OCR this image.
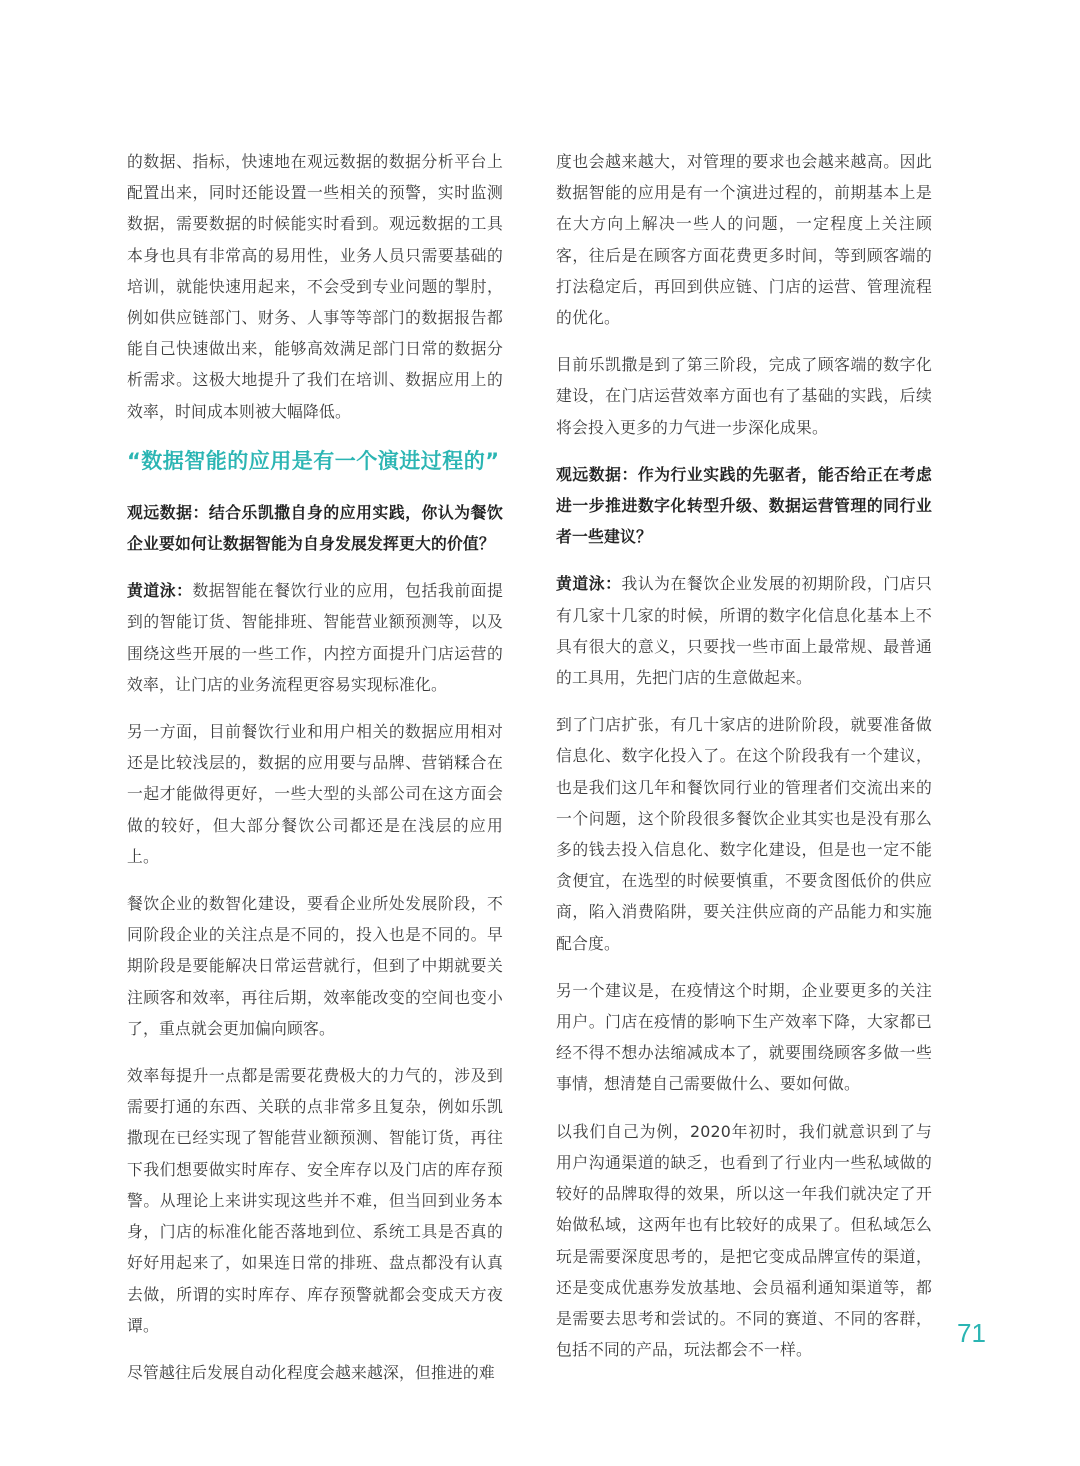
的数据、指标，快速地在观远数据的数据分析平台上配置出来，同时还能设置一些相关的预警，实时监测数据，需要数据的时候能实时看到。观远数据的工具本身也具有非常高的易用性，业务人员只需要基础的培训，就能快速用起来，不会受到专业问题的掣肘，例如供应链部门、财务、人事等等部门的数据报告都能自己快速做出来，能够高效满足部门日常的数据分析需求。这极大地提升了我们在培训、数据应用上的效率，时间成本则被大幅降低。

“数据智能的应用是有一个演进过程的”

观远数据：结合乐凯撒自身的应用实践，你认为餐饮企业要如何让数据智能为自身发展发挥更大的价值？

黄道泳：数据智能在餐饮行业的应用，包括我前面提到的智能订货、智能排班、智能营业额预测等，以及围绕这些开展的一些工作，内控方面提升门店运营的效率，让门店的业务流程更容易实现标准化。

另一方面，目前餐饮行业和用户相关的数据应用相对还是比较浅层的，数据的应用要与品牌、营销糅合在一起才能做得更好，一些大型的头部公司在这方面会做的较好，但大部分餐饮公司都还是在浅层的应用上。

餐饮企业的数智化建设，要看企业所处发展阶段，不同阶段企业的关注点是不同的，投入也是不同的。早期阶段是要能解决日常运营就行，但到了中期就要关注顾客和效率，再往后期，效率能改变的空间也变小了，重点就会更加偏向顾客。

效率每提升一点都是需要花费极大的力气的，涉及到需要打通的东西、关联的点非常多且复杂，例如乐凯撒现在已经实现了智能营业额预测、智能订货，再往下我们想要做实时库存、安全库存以及门店的库存预警。从理论上来讲实现这些并不难，但当回到业务本身，门店的标准化能否落地到位、系统工具是否真的好好用起来了，如果连日常的排班、盘点都没有认真去做，所谓的实时库存、库存预警就都会变成天方夜谭。

尽管越往后发展自动化程度会越来越深，但推进的难

度也会越来越大，对管理的要求也会越来越高。因此数据智能的应用是有一个演进过程的，前期基本上是在大方向上解决一些人的问题，一定程度上关注顾客，往后是在顾客方面花费更多时间，等到顾客端的打法稳定后，再回到供应链、门店的运营、管理流程的优化。

目前乐凯撒是到了第三阶段，完成了顾客端的数字化建设，在门店运营效率方面也有了基础的实践，后续将会投入更多的力气进一步深化成果。

观远数据：作为行业实践的先驱者，能否给正在考虑进一步推进数字化转型升级、数据运营管理的同行业者一些建议？

黄道泳：我认为在餐饮企业发展的初期阶段，门店只有几家十几家的时候，所谓的数字化信息化基本上不具有很大的意义，只要找一些市面上最常规、最普通的工具用，先把门店的生意做起来。

到了门店扩张，有几十家店的进阶阶段，就要准备做信息化、数字化投入了。在这个阶段我有一个建议，也是我们这几年和餐饮同行业的管理者们交流出来的一个问题，这个阶段很多餐饮企业其实也是没有那么多的钱去投入信息化、数字化建设，但是也一定不能贪便宜，在选型的时候要慎重，不要贪图低价的供应商，陷入消费陷阱，要关注供应商的产品能力和实施配合度。

另一个建议是，在疫情这个时期，企业要更多的关注用户。门店在疫情的影响下生产效率下降，大家都已经不得不想办法缩减成本了，就要围绕顾客多做一些事情，想清楚自己需要做什么、要如何做。

以我们自己为例，2020年初时，我们就意识到了与用户沟通渠道的缺乏，也看到了行业内一些私域做的较好的品牌取得的效果，所以这一年我们就决定了开始做私域，这两年也有比较好的成果了。但私域怎么玩是需要深度思考的，是把它变成品牌宣传的渠道，还是变成优惠券发放基地、会员福利通知渠道等，都是需要去思考和尝试的。不同的赛道、不同的客群，包括不同的产品，玩法都会不一样。

71
